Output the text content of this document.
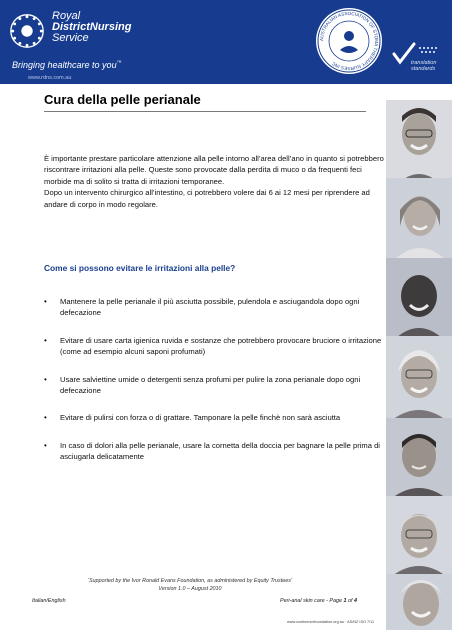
Royal
DistrictNursing
Service
Bringing healthcare to you™
www.rdns.com.au
AUSTRALIAN ASSOCIATION OF STOMA THERAPY NURSES INC	translation standards
Cura della pelle perianale

È importante prestare particolare attenzione alla pelle intorno all’area dell’ano in quanto si potrebbero riscontrare irritazioni alla pelle. Queste sono provocate dalla perdita di muco o da frequenti feci morbide ma di solito si tratta di irritazioni temporanee.

Dopo un intervento chirurgico all’intestino, ci potrebbero volere dai 6 ai 12 mesi per riprendere ad andare di corpo in modo regolare.

Come si possono evitare le irritazioni alla pelle?
• Mantenere la pelle perianale il più asciutta possibile, pulendola e asciugandola dopo ogni defecazione
• Evitare di usare carta igienica ruvida e sostanze che potrebbero provocare bruciore o irritazione (come ad esempio alcuni saponi profumati)
• Usare salviettine umide o detergenti senza profumi per pulire la zona perianale dopo ogni defecazione
• Evitare di pulirsi con forza o di grattare. Tamponare la pelle finchè non sarà asciutta
• In caso di dolori alla pelle perianale, usare la cornetta della doccia per bagnare la pelle prima di asciugarla delicatamente
‘Supported by the Ivor Ronald Evans Foundation, as administered by Equity Trustees’
Version 1.0 – August 2010
Italian/English	Peri-anal skin care - Page 1 of 4
www.continencefoundation.org.au · AS/NZ ISO 7/11
